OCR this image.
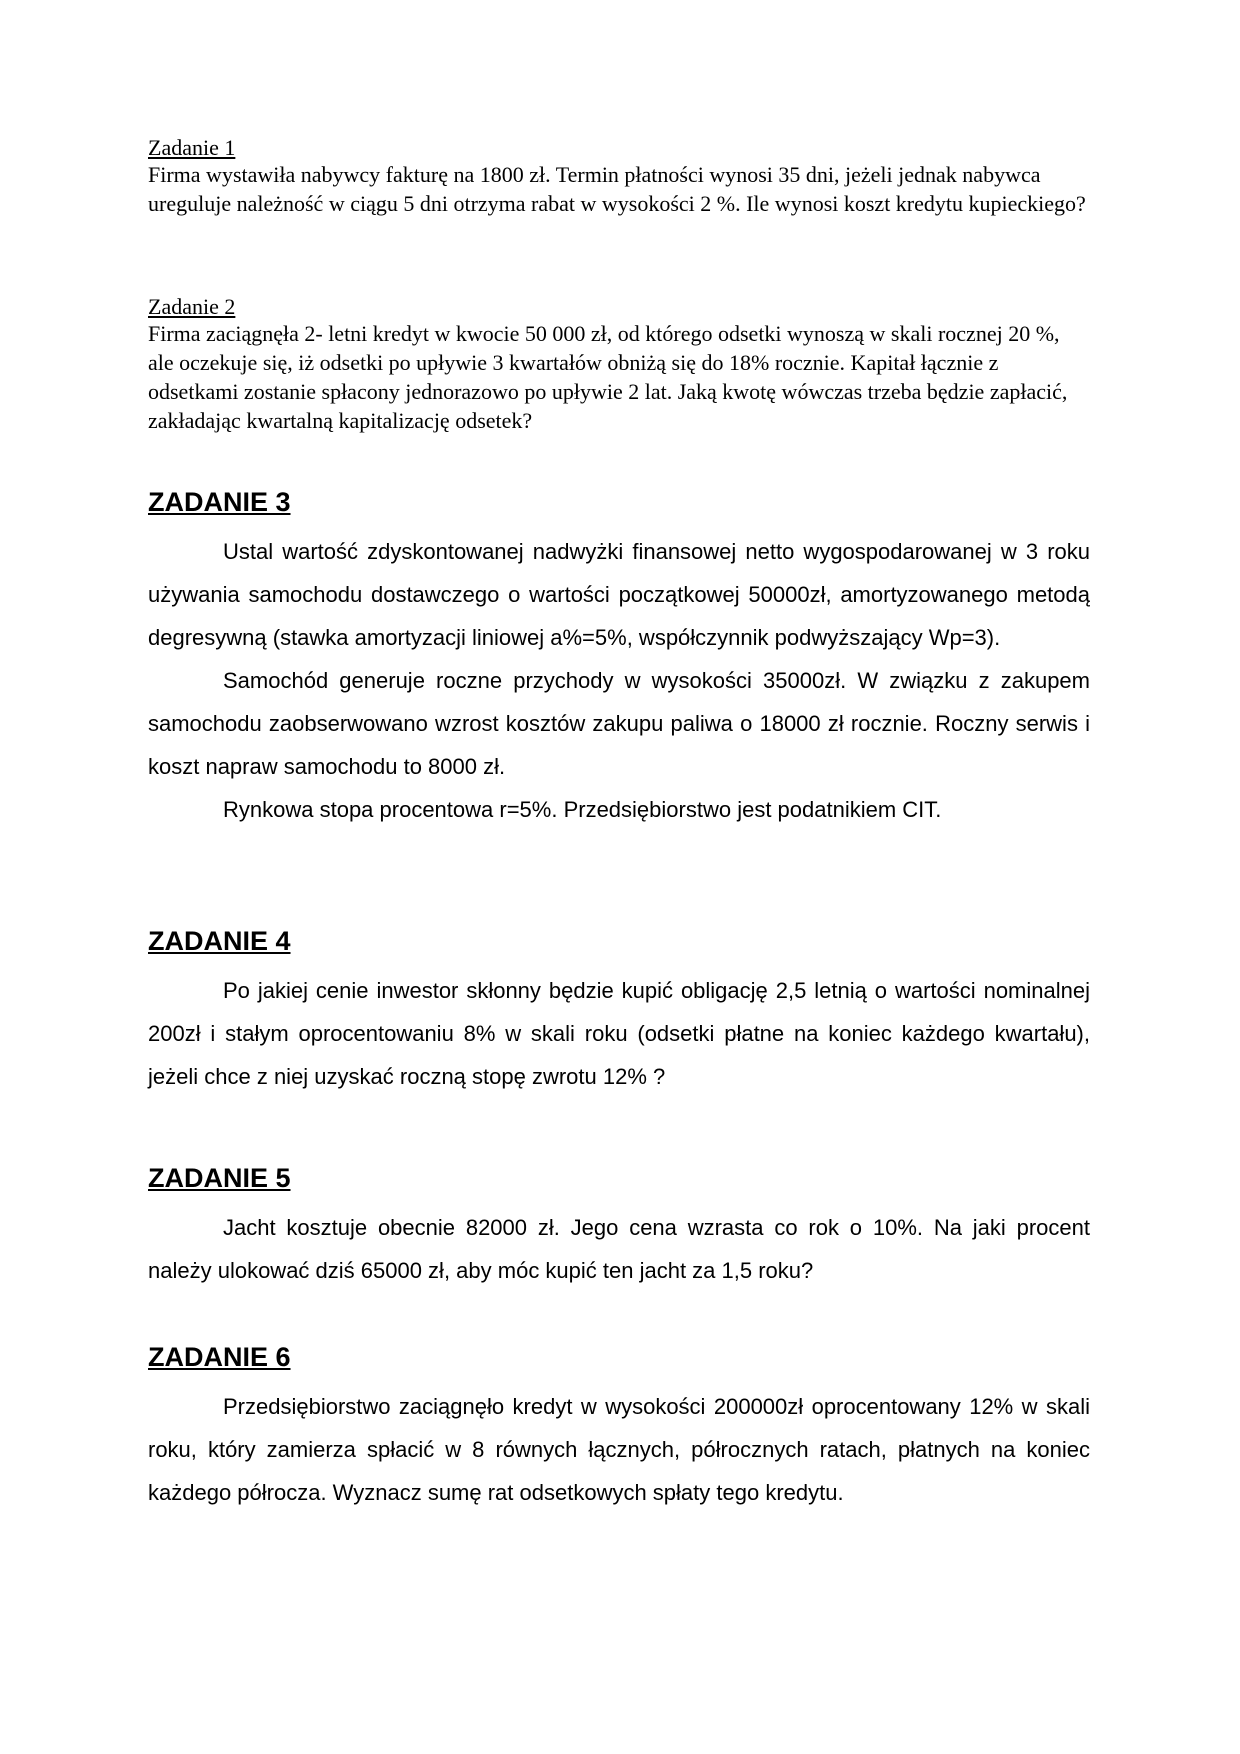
Zadanie 1

Firma wystawiła nabywcy fakturę na 1800 zł. Termin płatności wynosi 35 dni, jeżeli jednak nabywca ureguluje należność w ciągu 5 dni otrzyma rabat w wysokości 2 %. Ile wynosi koszt kredytu kupieckiego?

Zadanie 2

Firma zaciągnęła 2- letni kredyt w kwocie 50 000 zł, od którego odsetki wynoszą w skali rocznej 20 %, ale oczekuje się, iż odsetki po upływie 3 kwartałów obniżą się do 18% rocznie. Kapitał łącznie z odsetkami zostanie spłacony jednorazowo po upływie 2 lat. Jaką kwotę wówczas trzeba będzie zapłacić, zakładając kwartalną kapitalizację odsetek?

ZADANIE 3

Ustal wartość zdyskontowanej nadwyżki finansowej netto wygospodarowanej w 3 roku używania samochodu dostawczego o wartości początkowej 50000zł, amortyzowanego metodą degresywną (stawka amortyzacji liniowej a%=5%, współczynnik podwyższający Wp=3).

Samochód generuje roczne przychody w wysokości 35000zł. W związku z zakupem samochodu zaobserwowano wzrost kosztów zakupu paliwa o 18000 zł rocznie. Roczny serwis i koszt napraw samochodu to 8000 zł.

Rynkowa stopa procentowa r=5%. Przedsiębiorstwo jest podatnikiem CIT.

ZADANIE 4

Po jakiej cenie inwestor skłonny będzie kupić obligację 2,5 letnią o wartości nominalnej 200zł i stałym oprocentowaniu 8% w skali roku (odsetki płatne na koniec każdego kwartału), jeżeli chce z niej uzyskać roczną stopę zwrotu 12% ?

ZADANIE 5

Jacht kosztuje obecnie 82000 zł. Jego cena wzrasta co rok o 10%. Na jaki procent należy ulokować dziś 65000 zł, aby móc kupić ten jacht za 1,5 roku?

ZADANIE 6

Przedsiębiorstwo zaciągnęło kredyt w wysokości 200000zł oprocentowany 12% w skali roku, który zamierza spłacić w 8 równych łącznych, półrocznych ratach, płatnych na koniec każdego półrocza. Wyznacz sumę rat odsetkowych spłaty tego kredytu.
